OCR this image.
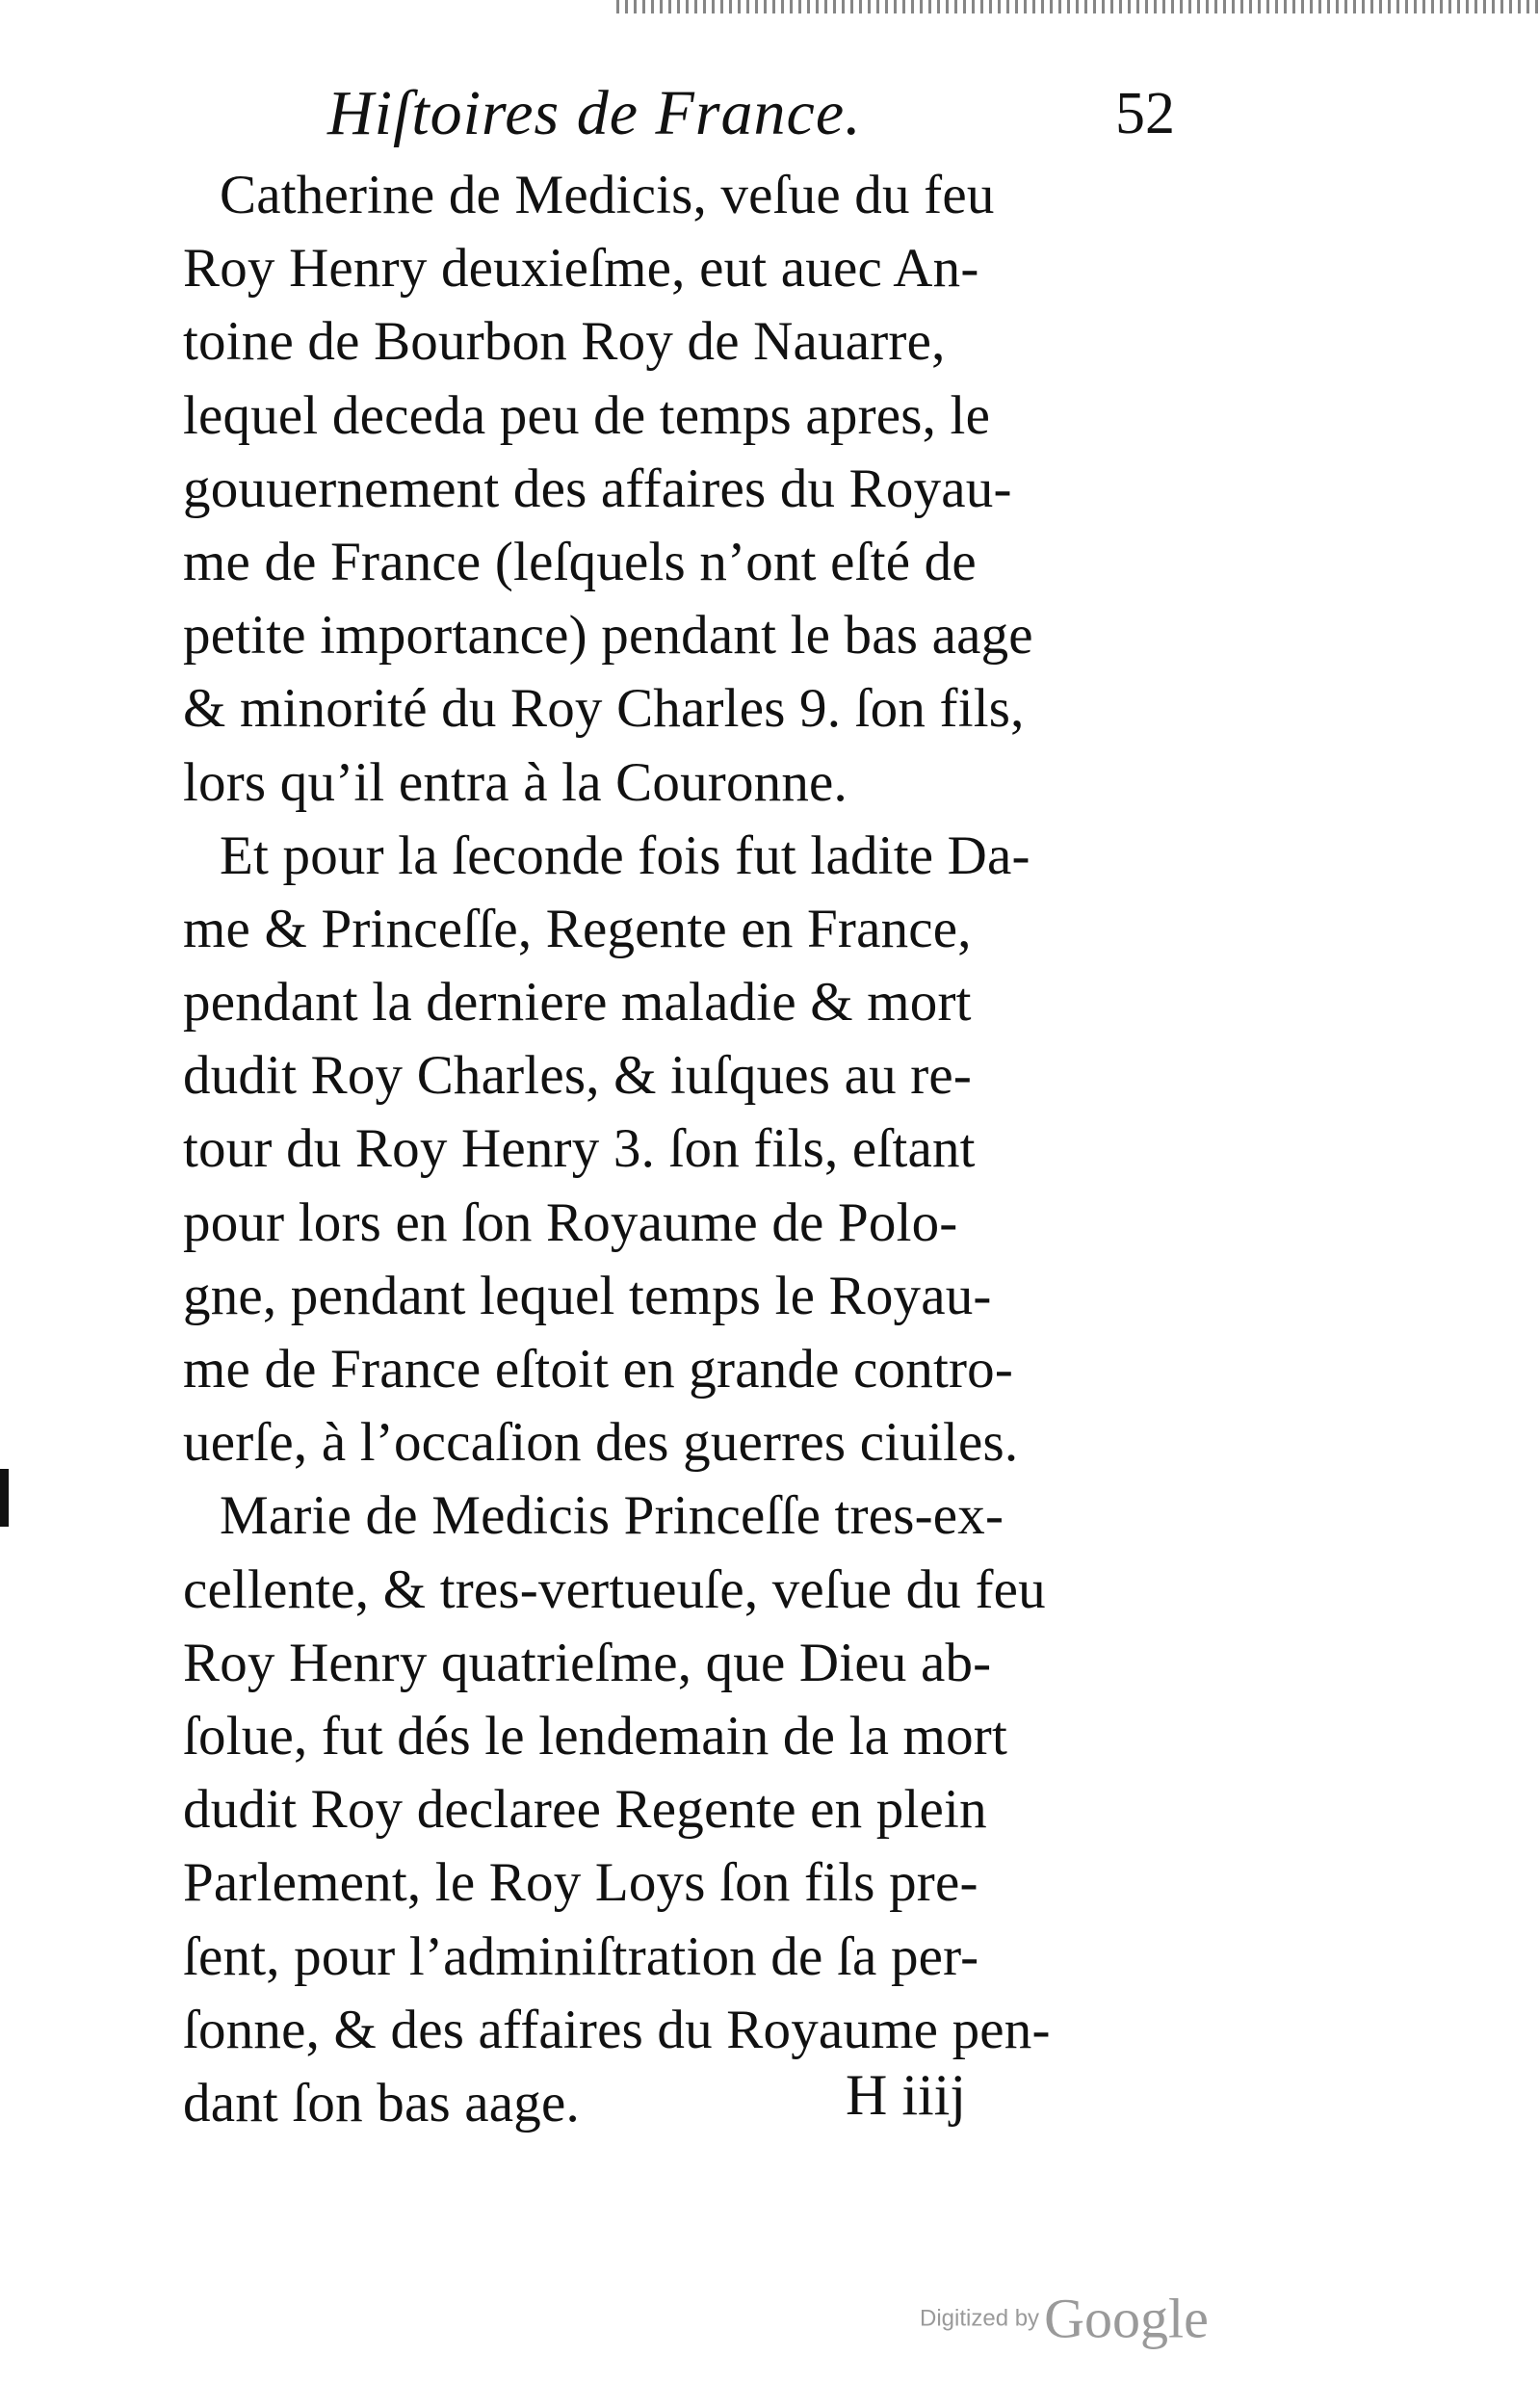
Hiſtoires de France.	52
Catherine de Medicis, veſue du feu
Roy Henry deuxieſme, eut auec An-
toine de Bourbon Roy de Nauarre,
lequel deceda peu de temps apres, le
gouuernement des affaires du Royau-
me de France (leſquels n’ont eſté de
petite importance) pendant le bas aage
& minorité du Roy Charles 9. ſon fils,
lors qu’il entra à la Couronne.
Et pour la ſeconde fois fut ladite Da-
me & Princeſſe, Regente en France,
pendant la derniere maladie & mort
dudit Roy Charles, & iuſques au re-
tour du Roy Henry 3. ſon fils, eſtant
pour lors en ſon Royaume de Polo-
gne, pendant lequel temps le Royau-
me de France eſtoit en grande contro-
uerſe, à l’occaſion des guerres ciuiles.
Marie de Medicis Princeſſe tres-ex-
cellente, & tres-vertueuſe, veſue du feu
Roy Henry quatrieſme, que Dieu ab-
ſolue, fut dés le lendemain de la mort
dudit Roy declaree Regente en plein
Parlement, le Roy Loys ſon fils pre-
ſent, pour l’adminiſtration de ſa per-
ſonne, & des affaires du Royaume pen-
dant ſon bas aage.	H iiij
Digitized by Google
